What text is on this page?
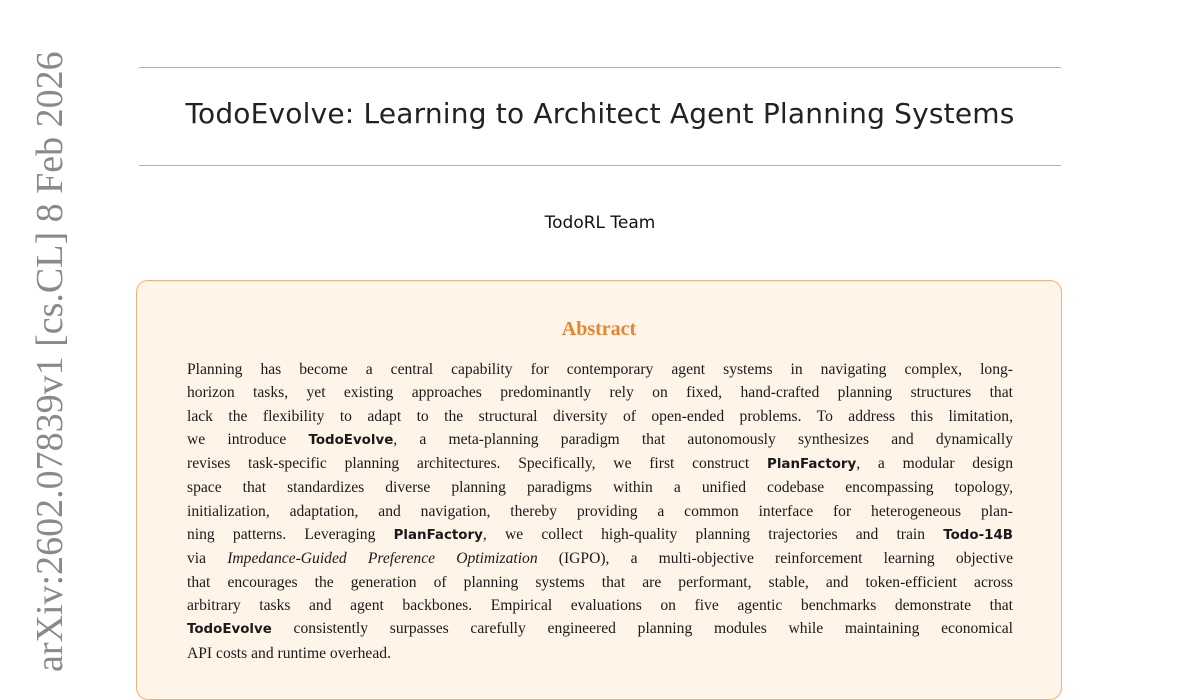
TodoEvolve: Learning to Architect Agent Planning Systems
TodoRL Team
Abstract
Planning has become a central capability for contemporary agent systems in navigating complex, long-
horizon tasks, yet existing approaches predominantly rely on fixed, hand-crafted planning structures that
lack the flexibility to adapt to the structural diversity of open-ended problems. To address this limitation,
we introduce TodoEvolve, a meta-planning paradigm that autonomously synthesizes and dynamically
revises task-specific planning architectures. Specifically, we first construct PlanFactory, a modular design
space that standardizes diverse planning paradigms within a unified codebase encompassing topology,
initialization, adaptation, and navigation, thereby providing a common interface for heterogeneous plan-
ning patterns. Leveraging PlanFactory, we collect high-quality planning trajectories and train Todo-14B
via Impedance-Guided Preference Optimization (IGPO), a multi-objective reinforcement learning objective
that encourages the generation of planning systems that are performant, stable, and token-efficient across
arbitrary tasks and agent backbones. Empirical evaluations on five agentic benchmarks demonstrate that
TodoEvolve consistently surpasses carefully engineered planning modules while maintaining economical
API costs and runtime overhead.
arXiv:2602.07839v1 [cs.CL] 8 Feb 2026
